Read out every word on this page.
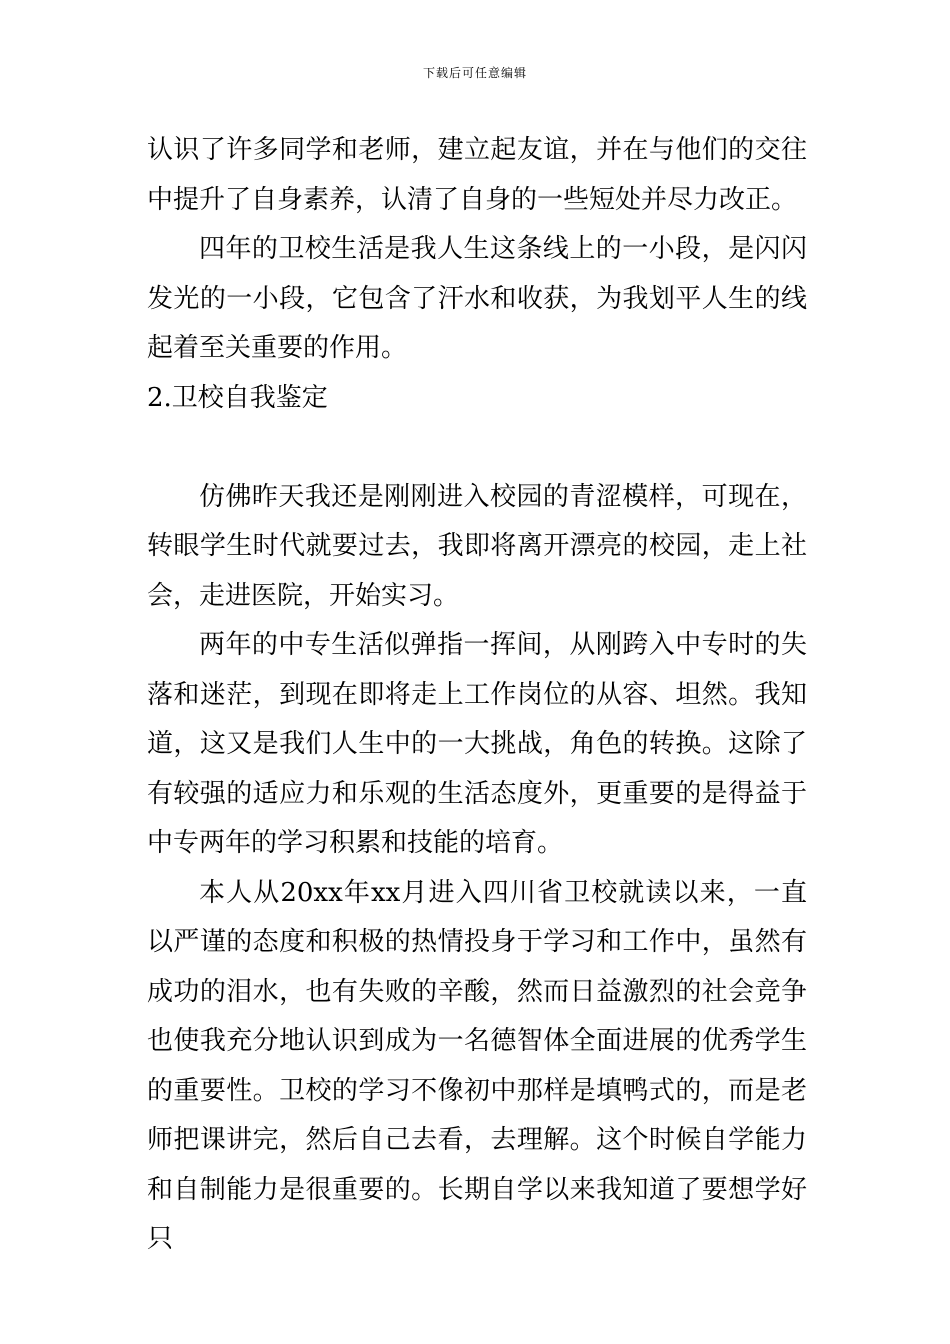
下载后可任意编辑

认识了许多同学和老师，建立起友谊，并在与他们的交往中提升了自身素养，认清了自身的一些短处并尽力改正。

四年的卫校生活是我人生这条线上的一小段，是闪闪发光的一小段，它包含了汗水和收获，为我划平人生的线起着至关重要的作用。

2.卫校自我鉴定

仿佛昨天我还是刚刚进入校园的青涩模样，可现在，转眼学生时代就要过去，我即将离开漂亮的校园，走上社会，走进医院，开始实习。

两年的中专生活似弹指一挥间，从刚跨入中专时的失落和迷茫，到现在即将走上工作岗位的从容、坦然。我知道，这又是我们人生中的一大挑战，角色的转换。这除了有较强的适应力和乐观的生活态度外，更重要的是得益于中专两年的学习积累和技能的培育。

本人从20xx年xx月进入四川省卫校就读以来，一直以严谨的态度和积极的热情投身于学习和工作中，虽然有成功的泪水，也有失败的辛酸，然而日益激烈的社会竞争也使我充分地认识到成为一名德智体全面进展的优秀学生的重要性。卫校的学习不像初中那样是填鸭式的，而是老师把课讲完，然后自己去看，去理解。这个时候自学能力和自制能力是很重要的。长期自学以来我知道了要想学好只
